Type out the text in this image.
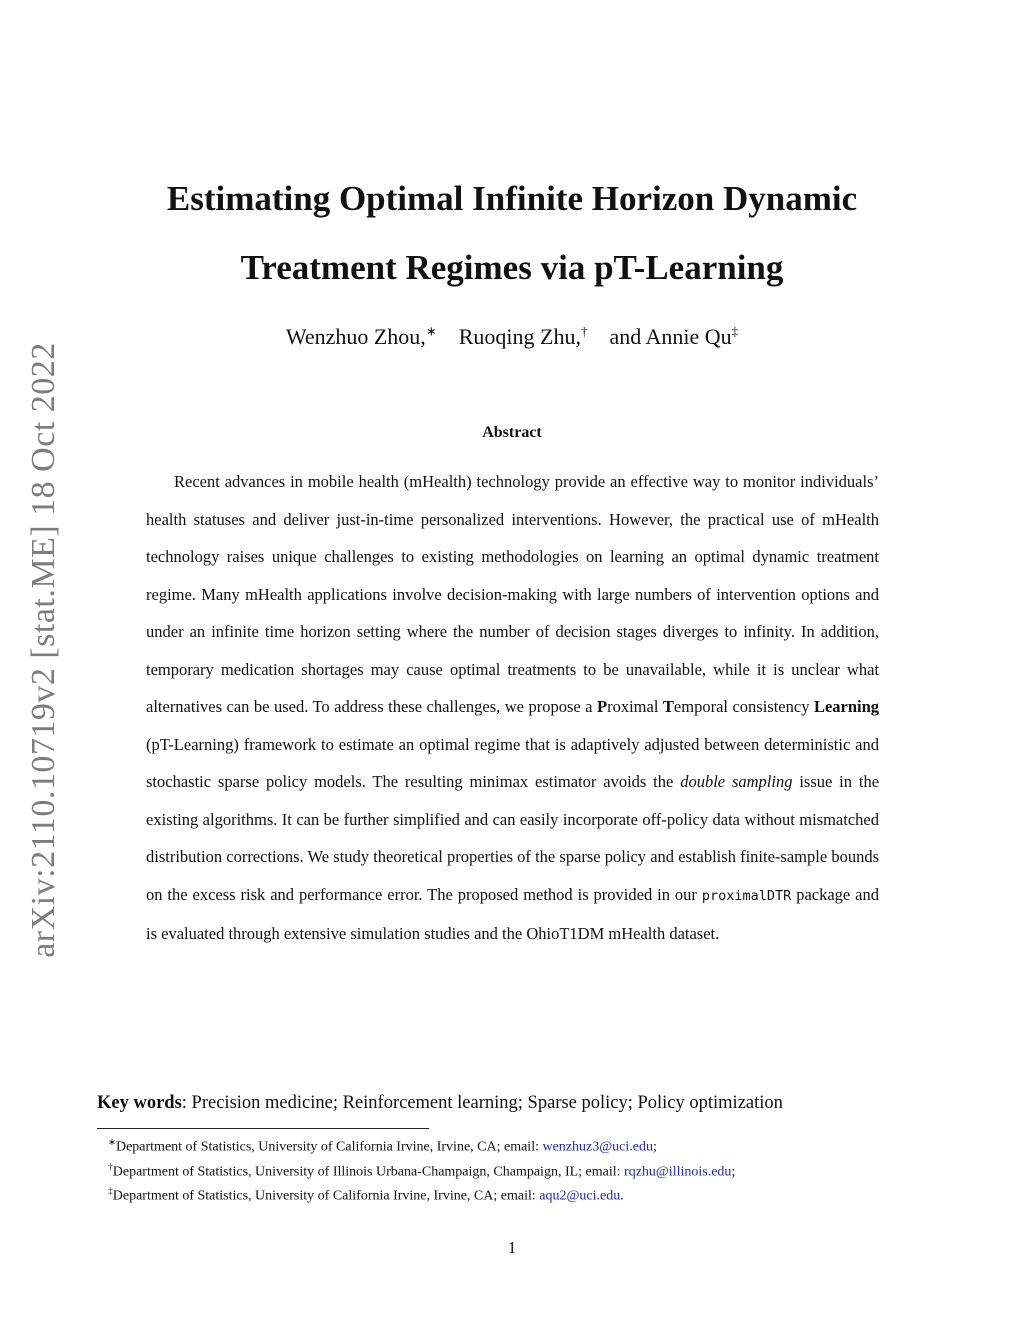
arXiv:2110.10719v2 [stat.ME] 18 Oct 2022
Estimating Optimal Infinite Horizon Dynamic
Treatment Regimes via pT-Learning
Wenzhuo Zhou,∗ Ruoqing Zhu,† and Annie Qu‡
Abstract

Recent advances in mobile health (mHealth) technology provide an effective way to monitor individuals’ health statuses and deliver just-in-time personalized interventions. However, the practical use of mHealth technology raises unique challenges to existing methodologies on learning an optimal dynamic treatment regime. Many mHealth applications involve decision-making with large numbers of intervention options and under an infinite time horizon setting where the number of decision stages diverges to infinity. In addition, temporary medication shortages may cause optimal treatments to be unavailable, while it is unclear what alternatives can be used. To address these challenges, we propose a Proximal Temporal consistency Learning (pT-Learning) framework to estimate an optimal regime that is adaptively adjusted between deterministic and stochastic sparse policy models. The resulting minimax estimator avoids the double sampling issue in the existing algorithms. It can be further simplified and can easily incorporate off-policy data without mismatched distribution corrections. We study theoretical properties of the sparse policy and establish finite-sample bounds on the excess risk and performance error. The proposed method is provided in our proximalDTR package and is evaluated through extensive simulation studies and the OhioT1DM mHealth dataset.

Key words: Precision medicine; Reinforcement learning; Sparse policy; Policy optimization
∗Department of Statistics, University of California Irvine, Irvine, CA; email: wenzhuz3@uci.edu;
†Department of Statistics, University of Illinois Urbana-Champaign, Champaign, IL; email: rqzhu@illinois.edu;
‡Department of Statistics, University of California Irvine, Irvine, CA; email: aqu2@uci.edu.
1
